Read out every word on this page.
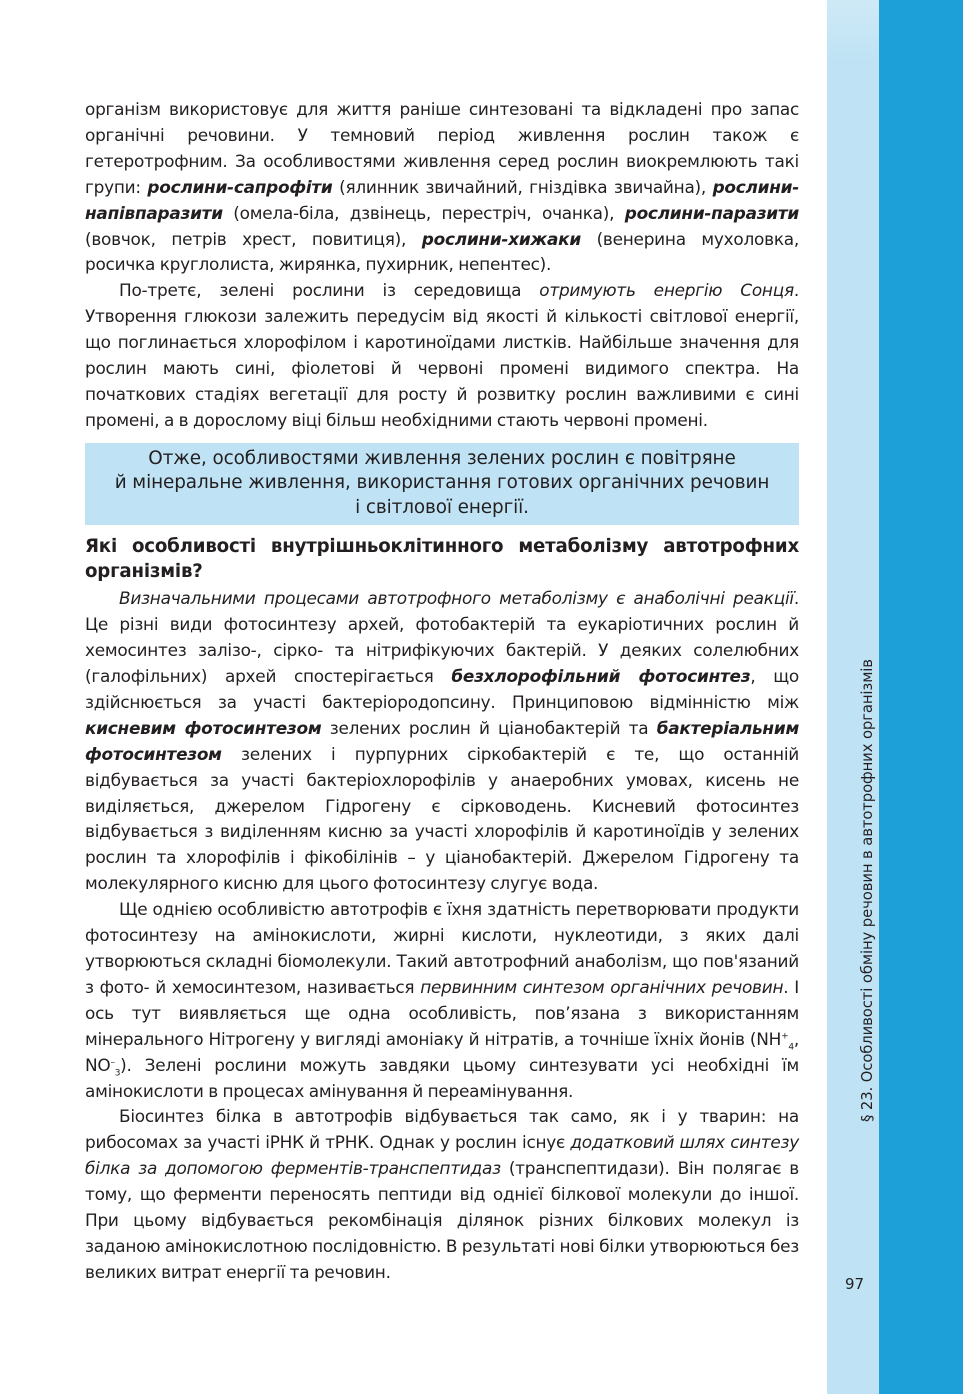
§ 23. Особливості обміну речовин в автотрофних організмів
97

організм використовує для життя раніше синтезовані та відкладені про запас органічні речовини. У темновий період живлення рослин також є гетеротрофним. За особливостями живлення серед рослин виокремлюють такі групи: рослини-сапрофіти (ялинник звичайний, гніздівка звичайна), рослини-напівпаразити (омела-біла, дзвінець, перестріч, очанка), рослини-паразити (вовчок, петрів хрест, повитиця), рослини-хижаки (венерина мухоловка, росичка круглолиста, жирянка, пухирник, непентес).

По-третє, зелені рослини із середовища отримують енергію Сонця. Утворення глюкози залежить передусім від якості й кількості світлової енергії, що поглинається хлорофілом і каротиноїдами листків. Найбільше значення для рослин мають сині, фіолетові й червоні промені видимого спектра. На початкових стадіях вегетації для росту й розвитку рослин важливими є сині промені, а в дорослому віці більш необхідними стають червоні промені.

Отже, особливостями живлення зелених рослин є повітряне
й мінеральне живлення, використання готових органічних речовин
і світлової енергії.
Які особливості внутрішньоклітинного метаболізму автотрофних організмів?

Визначальними процесами автотрофного метаболізму є анаболічні реакції. Це різні види фотосинтезу архей, фотобактерій та еукаріотичних рослин й хемосинтез залізо-, сірко- та нітрифікуючих бактерій. У деяких солелюбних (галофільних) архей спостерігається безхлорофільний фотосинтез, що здійснюється за участі бактеріородопсину. Принциповою відмінністю між кисневим фотосинтезом зелених рослин й ціанобактерій та бактеріальним фотосинтезом зелених і пурпурних сіркобактерій є те, що останній відбувається за участі бактеріохлорофілів у анаеробних умовах, кисень не виділяється, джерелом Гідрогену є сірководень. Кисневий фотосинтез відбувається з виділенням кисню за участі хлорофілів й каротиноїдів у зелених рослин та хлорофілів і фікобілінів – у ціанобактерій. Джерелом Гідрогену та молекулярного кисню для цього фотосинтезу слугує вода.

Ще однією особливістю автотрофів є їхня здатність перетворювати продукти фотосинтезу на амінокислоти, жирні кислоти, нуклеотиди, з яких далі утворюються складні біомолекули. Такий автотрофний анаболізм, що пов'язаний з фото- й хемосинтезом, називається первинним синтезом органічних речовин. І ось тут виявляється ще одна особливість, пов’язана з використанням мінерального Нітрогену у вигляді амоніаку й нітратів, а точніше їхніх йонів ($NH^+_4$, $NO^-_3$). Зелені рослини можуть завдяки цьому синтезувати усі необхідні їм амінокислоти в процесах амінування й переамінування.

Біосинтез білка в автотрофів відбувається так само, як і у тварин: на рибосомах за участі іРНК й тРНК. Однак у рослин існує додатковий шлях синтезу білка за допомогою ферментів-транспептидаз (транспептидази). Він полягає в тому, що ферменти переносять пептиди від однієї білкової молекули до іншої. При цьому відбувається рекомбінація ділянок різних білкових молекул із заданою амінокислотною послідовністю. В результаті нові білки утворюються без великих витрат енергії та речовин.
